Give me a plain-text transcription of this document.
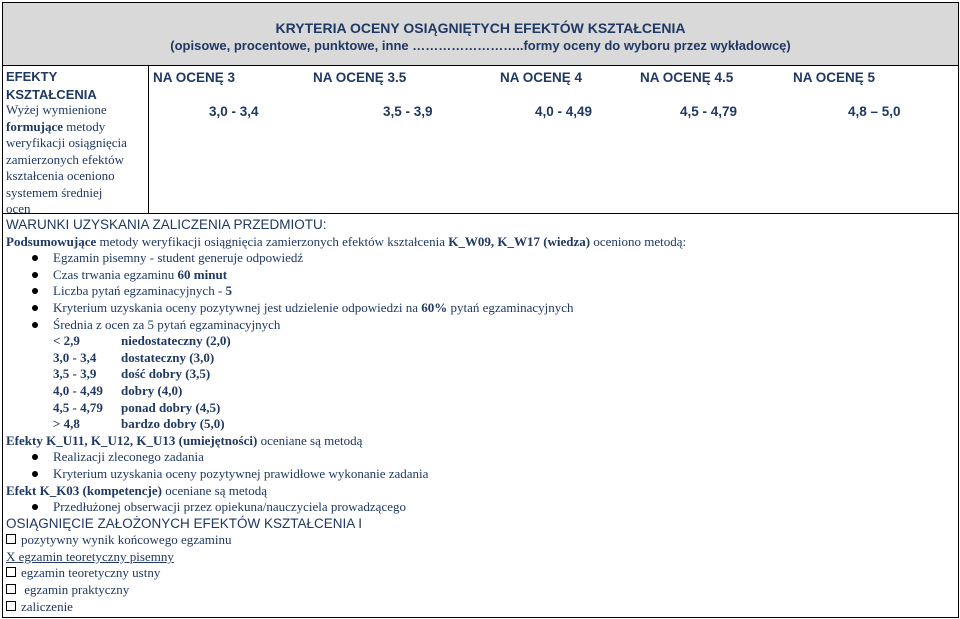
KRYTERIA OCENY OSIĄGNIĘTYCH EFEKTÓW KSZTAŁCENIA
(opisowe, procentowe, punktowe, inne ……………………..formy oceny do wyboru przez wykładowcę)
EFEKTY
KSZTAŁCENIA
Wyżej wymienione
formujące metody
weryfikacji osiągnięcia
zamierzonych efektów
kształcenia oceniono
systemem średniej
ocen
NA OCENĘ 3	NA OCENĘ 3.5	NA OCENĘ 4	NA OCENĘ 4.5	NA OCENĘ 5
3,0 - 3,4	3,5 - 3,9	4,0 - 4,49	4,5 - 4,79	4,8 – 5,0
WARUNKI UZYSKANIA ZALICZENIA PRZEDMIOTU:
Podsumowujące metody weryfikacji osiągnięcia zamierzonych efektów kształcenia K_W09, K_W17 (wiedza) oceniono metodą:
Egzamin pisemny - student generuje odpowiedź
Czas trwania egzaminu 60 minut
Liczba pytań egzaminacyjnych - 5
Kryterium uzyskania oceny pozytywnej jest udzielenie odpowiedzi na 60% pytań egzaminacyjnych
Średnia z ocen za 5 pytań egzaminacyjnych
< 2,9	niedostateczny (2,0)
3,0 - 3,4 dostateczny (3,0)
3,5 - 3,9 dość dobry (3,5)
4,0 - 4,49 dobry (4,0)
4,5 - 4,79 ponad dobry (4,5)
> 4,8	bardzo dobry (5,0)
Efekty K_U11, K_U12, K_U13 (umiejętności) oceniane są metodą
Realizacji zleconego zadania
Kryterium uzyskania oceny pozytywnej prawidłowe wykonanie zadania
Efekt K_K03 (kompetencje) oceniane są metodą
Przedłużonej obserwacji przez opiekuna/nauczyciela prowadzącego
OSIĄGNIĘCIE ZAŁOŻONYCH EFEKTÓW KSZTAŁCENIA I
pozytywny wynik końcowego egzaminu
X egzamin teoretyczny pisemny
egzamin teoretyczny ustny
egzamin praktyczny
zaliczenie
